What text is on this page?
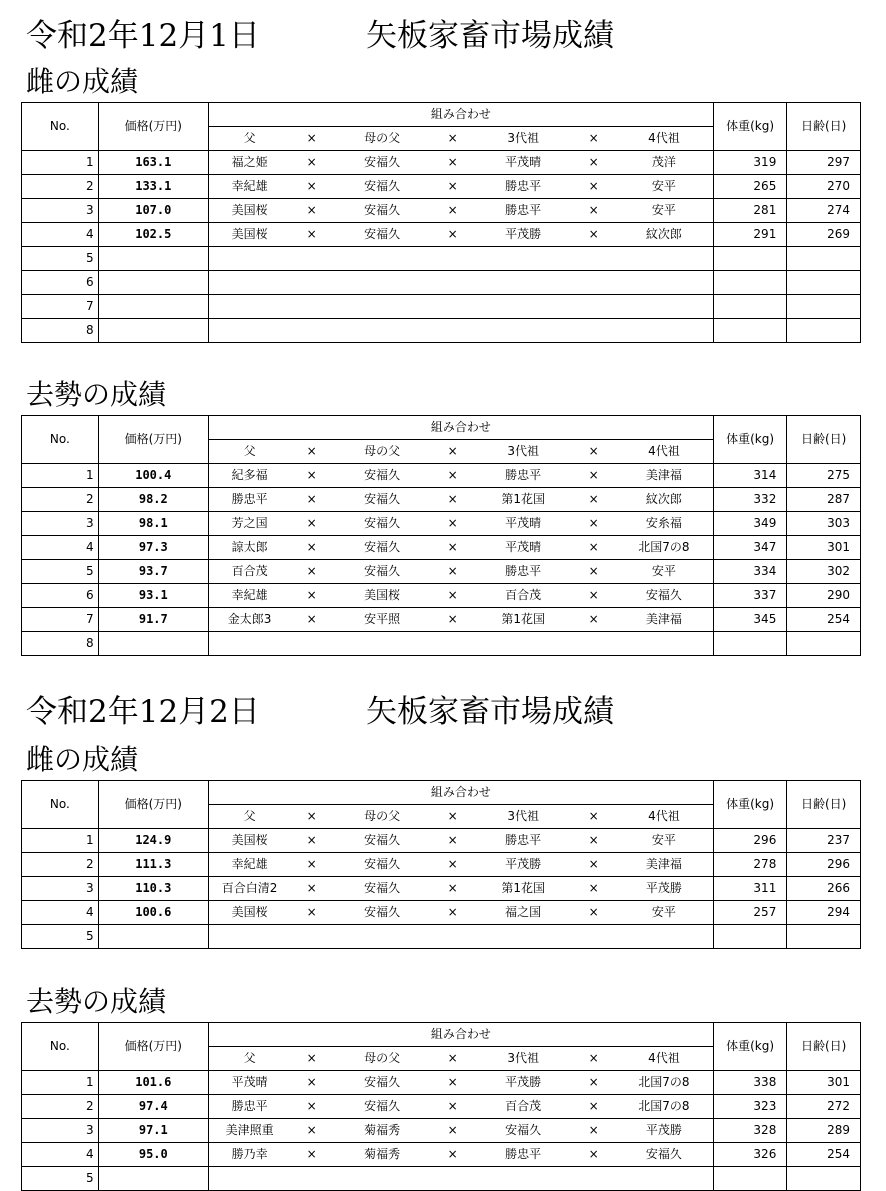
令和2年12月1日	矢板家畜市場成績
雌の成績
No.	価格(万円)	組み合わせ							体重(kg)	日齢(日)
		父	×	母の父	×	3代祖	×	4代祖		
1	163.1	福之姫	×	安福久	×	平茂晴	×	茂洋	319	297
2	133.1	幸紀雄	×	安福久	×	勝忠平	×	安平	265	270
3	107.0	美国桜	×	安福久	×	勝忠平	×	安平	281	274
4	102.5	美国桜	×	安福久	×	平茂勝	×	紋次郎	291	269
5										
6										
7										
8										
去勢の成績
No.	価格(万円)	組み合わせ							体重(kg)	日齢(日)
		父	×	母の父	×	3代祖	×	4代祖		
1	100.4	紀多福	×	安福久	×	勝忠平	×	美津福	314	275
2	98.2	勝忠平	×	安福久	×	第1花国	×	紋次郎	332	287
3	98.1	芳之国	×	安福久	×	平茂晴	×	安糸福	349	303
4	97.3	諒太郎	×	安福久	×	平茂晴	×	北国7の8	347	301
5	93.7	百合茂	×	安福久	×	勝忠平	×	安平	334	302
6	93.1	幸紀雄	×	美国桜	×	百合茂	×	安福久	337	290
7	91.7	金太郎3	×	安平照	×	第1花国	×	美津福	345	254
8										
令和2年12月2日	矢板家畜市場成績
雌の成績
No.	価格(万円)	組み合わせ							体重(kg)	日齢(日)
		父	×	母の父	×	3代祖	×	4代祖		
1	124.9	美国桜	×	安福久	×	勝忠平	×	安平	296	237
2	111.3	幸紀雄	×	安福久	×	平茂勝	×	美津福	278	296
3	110.3	百合白清2	×	安福久	×	第1花国	×	平茂勝	311	266
4	100.6	美国桜	×	安福久	×	福之国	×	安平	257	294
5										
去勢の成績
No.	価格(万円)	組み合わせ							体重(kg)	日齢(日)
		父	×	母の父	×	3代祖	×	4代祖		
1	101.6	平茂晴	×	安福久	×	平茂勝	×	北国7の8	338	301
2	97.4	勝忠平	×	安福久	×	百合茂	×	北国7の8	323	272
3	97.1	美津照重	×	菊福秀	×	安福久	×	平茂勝	328	289
4	95.0	勝乃幸	×	菊福秀	×	勝忠平	×	安福久	326	254
5										
